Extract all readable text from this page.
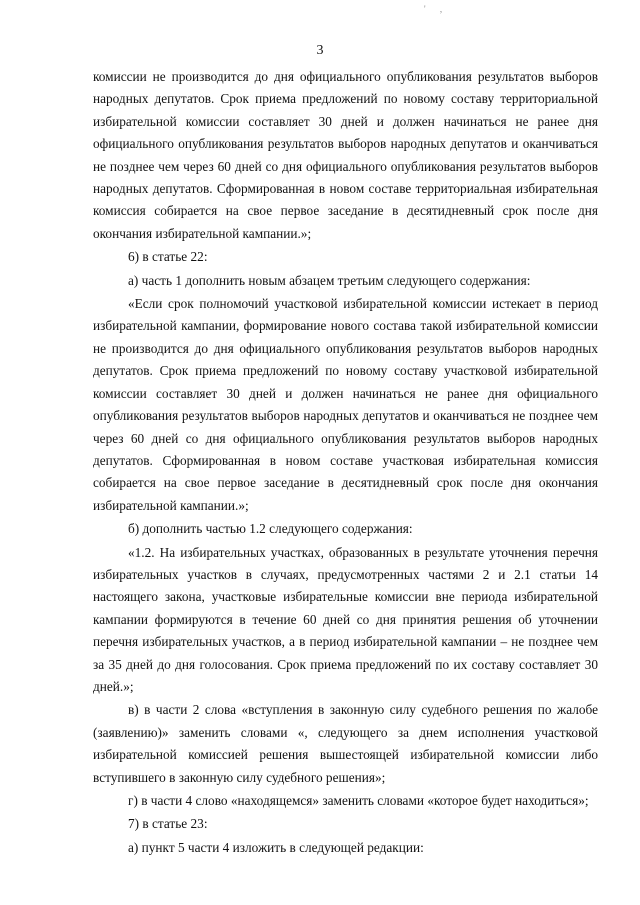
' ,
3

комиссии не производится до дня официального опубликования результатов выборов народных депутатов. Срок приема предложений по новому составу территориальной избирательной комиссии составляет 30 дней и должен начинаться не ранее дня официального опубликования результатов выборов народных депутатов и оканчиваться не позднее чем через 60 дней со дня официального опубликования результатов выборов народных депутатов. Сформированная в новом составе территориальная избирательная комиссия собирается на свое первое заседание в десятидневный срок после дня окончания избирательной кампании.»;

6) в статье 22:

а) часть 1 дополнить новым абзацем третьим следующего содержания:

«Если срок полномочий участковой избирательной комиссии истекает в период избирательной кампании, формирование нового состава такой избирательной комиссии не производится до дня официального опубликования результатов выборов народных депутатов. Срок приема предложений по новому составу участковой избирательной комиссии составляет 30 дней и должен начинаться не ранее дня официального опубликования результатов выборов народных депутатов и оканчиваться не позднее чем через 60 дней со дня официального опубликования результатов выборов народных депутатов. Сформированная в новом составе участковая избирательная комиссия собирается на свое первое заседание в десятидневный срок после дня окончания избирательной кампании.»;

б) дополнить частью 1.2 следующего содержания:

«1.2. На избирательных участках, образованных в результате уточнения перечня избирательных участков в случаях, предусмотренных частями 2 и 2.1 статьи 14 настоящего закона, участковые избирательные комиссии вне периода избирательной кампании формируются в течение 60 дней со дня принятия решения об уточнении перечня избирательных участков, а в период избирательной кампании – не позднее чем за 35 дней до дня голосования. Срок приема предложений по их составу составляет 30 дней.»;

в) в части 2 слова «вступления в законную силу судебного решения по жалобе (заявлению)» заменить словами «, следующего за днем исполнения участковой избирательной комиссией решения вышестоящей избирательной комиссии либо вступившего в законную силу судебного решения»;

г) в части 4 слово «находящемся» заменить словами «которое будет находиться»;

7) в статье 23:

а) пункт 5 части 4 изложить в следующей редакции:
